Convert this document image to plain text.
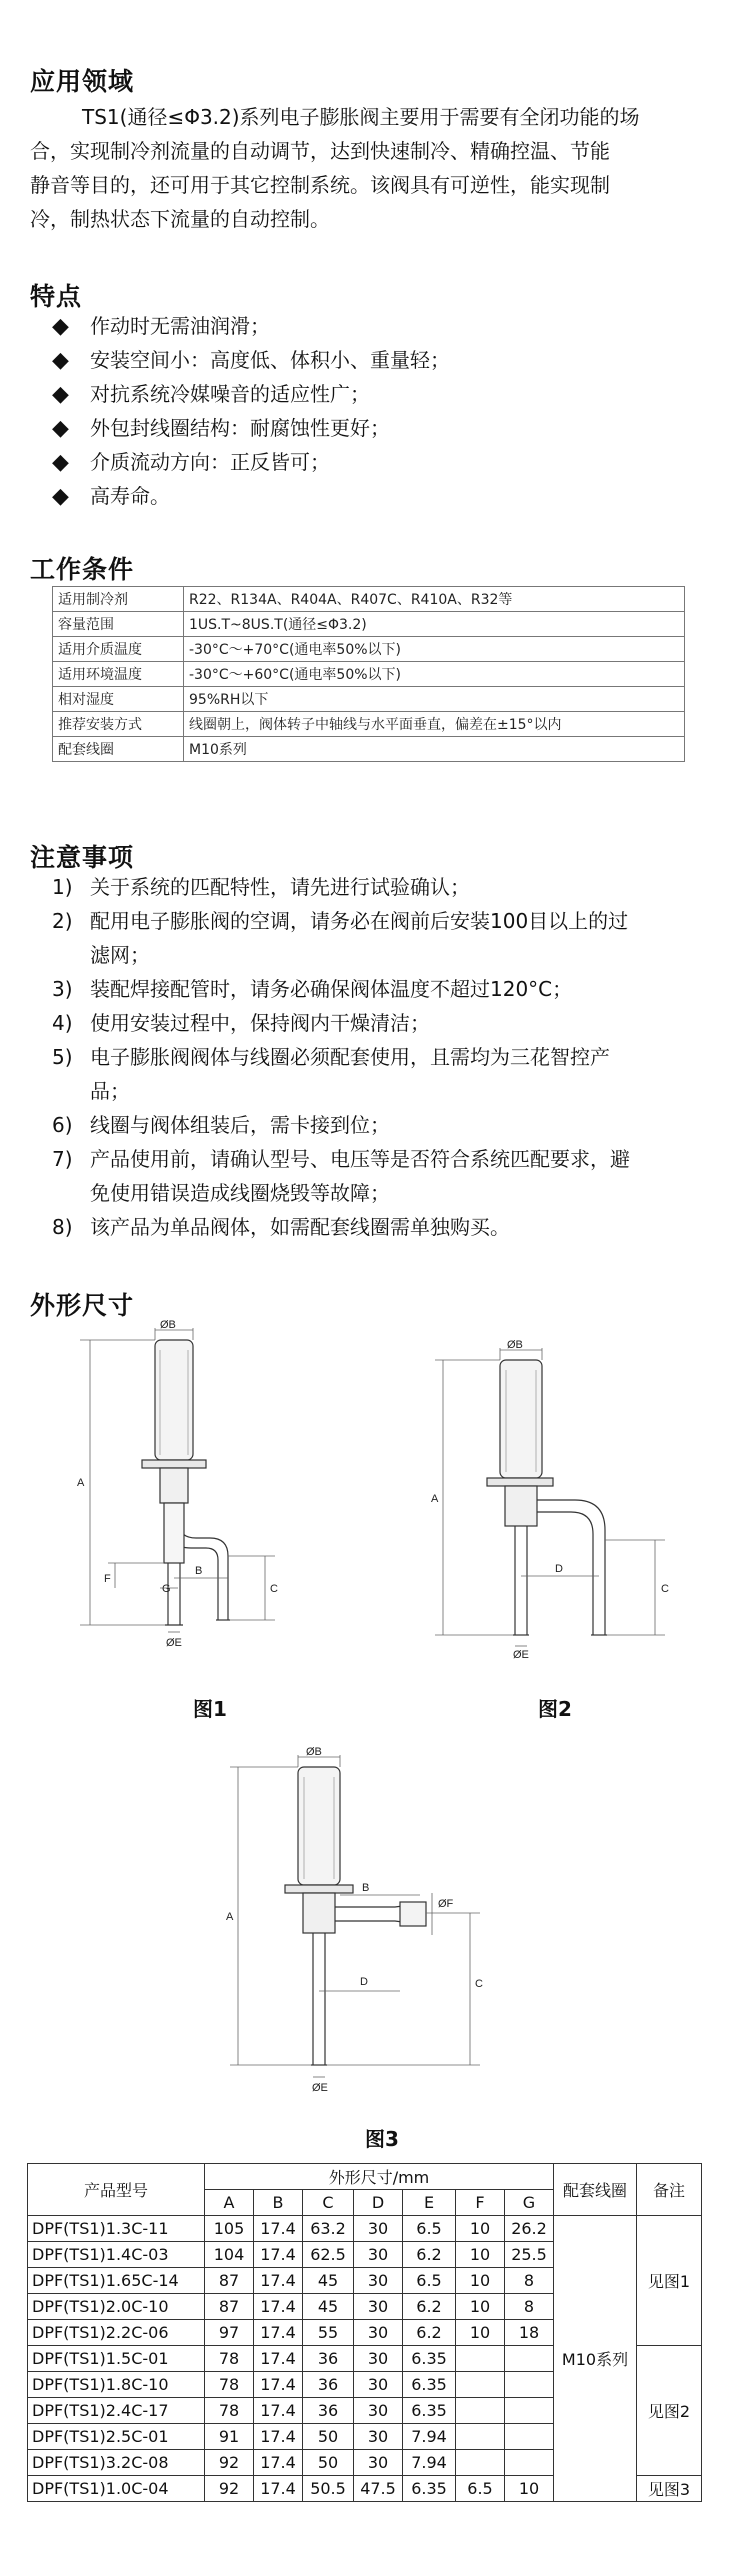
应用领域
TS1(通径≤Φ3.2)系列电子膨胀阀主要用于需要有全闭功能的场
合，实现制冷剂流量的自动调节，达到快速制冷、精确控温、节能
静音等目的，还可用于其它控制系统。该阀具有可逆性，能实现制
冷，制热状态下流量的自动控制。
特点
◆ 作动时无需油润滑；
◆ 安装空间小：高度低、体积小、重量轻；
◆ 对抗系统冷媒噪音的适应性广；
◆ 外包封线圈结构：耐腐蚀性更好；
◆ 介质流动方向：正反皆可；
◆ 高寿命。
工作条件
适用制冷剂	R22、R134A、R404A、R407C、R410A、R32等
容量范围	1US.T~8US.T(通径≤Φ3.2)
适用介质温度	-30°C～+70°C(通电率50%以下)
适用环境温度	-30°C～+60°C(通电率50%以下)
相对湿度	95%RH以下
推荐安装方式	线圈朝上，阀体转子中轴线与水平面垂直，偏差在±15°以内
配套线圈	M10系列
注意事项
1) 关于系统的匹配特性，请先进行试验确认；
2) 配用电子膨胀阀的空调，请务必在阀前后安装100目以上的过
滤网；
3) 装配焊接配管时，请务必确保阀体温度不超过120°C；
4) 使用安装过程中，保持阀内干燥清洁；
5) 电子膨胀阀阀体与线圈必须配套使用，且需均为三花智控产
品；
6) 线圈与阀体组装后，需卡接到位；
7) 产品使用前，请确认型号、电压等是否符合系统匹配要求，避
免使用错误造成线圈烧毁等故障；
8) 该产品为单品阀体，如需配套线圈需单独购买。
外形尺寸
ØB
A
B
C
F
G
ØE
图1
ØB
A
C
D
ØE
图2
ØB
A
B
C
D
ØF
ØE
图3
产品型号	外形尺寸/mm							配套线圈	备注
	A	B	C	D	E	F	G		
DPF(TS1)1.3C-11	105	17.4	63.2	30	6.5	10	26.2	M10系列	见图1
DPF(TS1)1.4C-03	104	17.4	62.5	30	6.2	10	25.5		
DPF(TS1)1.65C-14	87	17.4	45	30	6.5	10	8		
DPF(TS1)2.0C-10	87	17.4	45	30	6.2	10	8		
DPF(TS1)2.2C-06	97	17.4	55	30	6.2	10	18		
DPF(TS1)1.5C-01	78	17.4	36	30	6.35				见图2
DPF(TS1)1.8C-10	78	17.4	36	30	6.35				
DPF(TS1)2.4C-17	78	17.4	36	30	6.35				
DPF(TS1)2.5C-01	91	17.4	50	30	7.94				
DPF(TS1)3.2C-08	92	17.4	50	30	7.94				
DPF(TS1)1.0C-04	92	17.4	50.5	47.5	6.35	6.5	10		见图3
